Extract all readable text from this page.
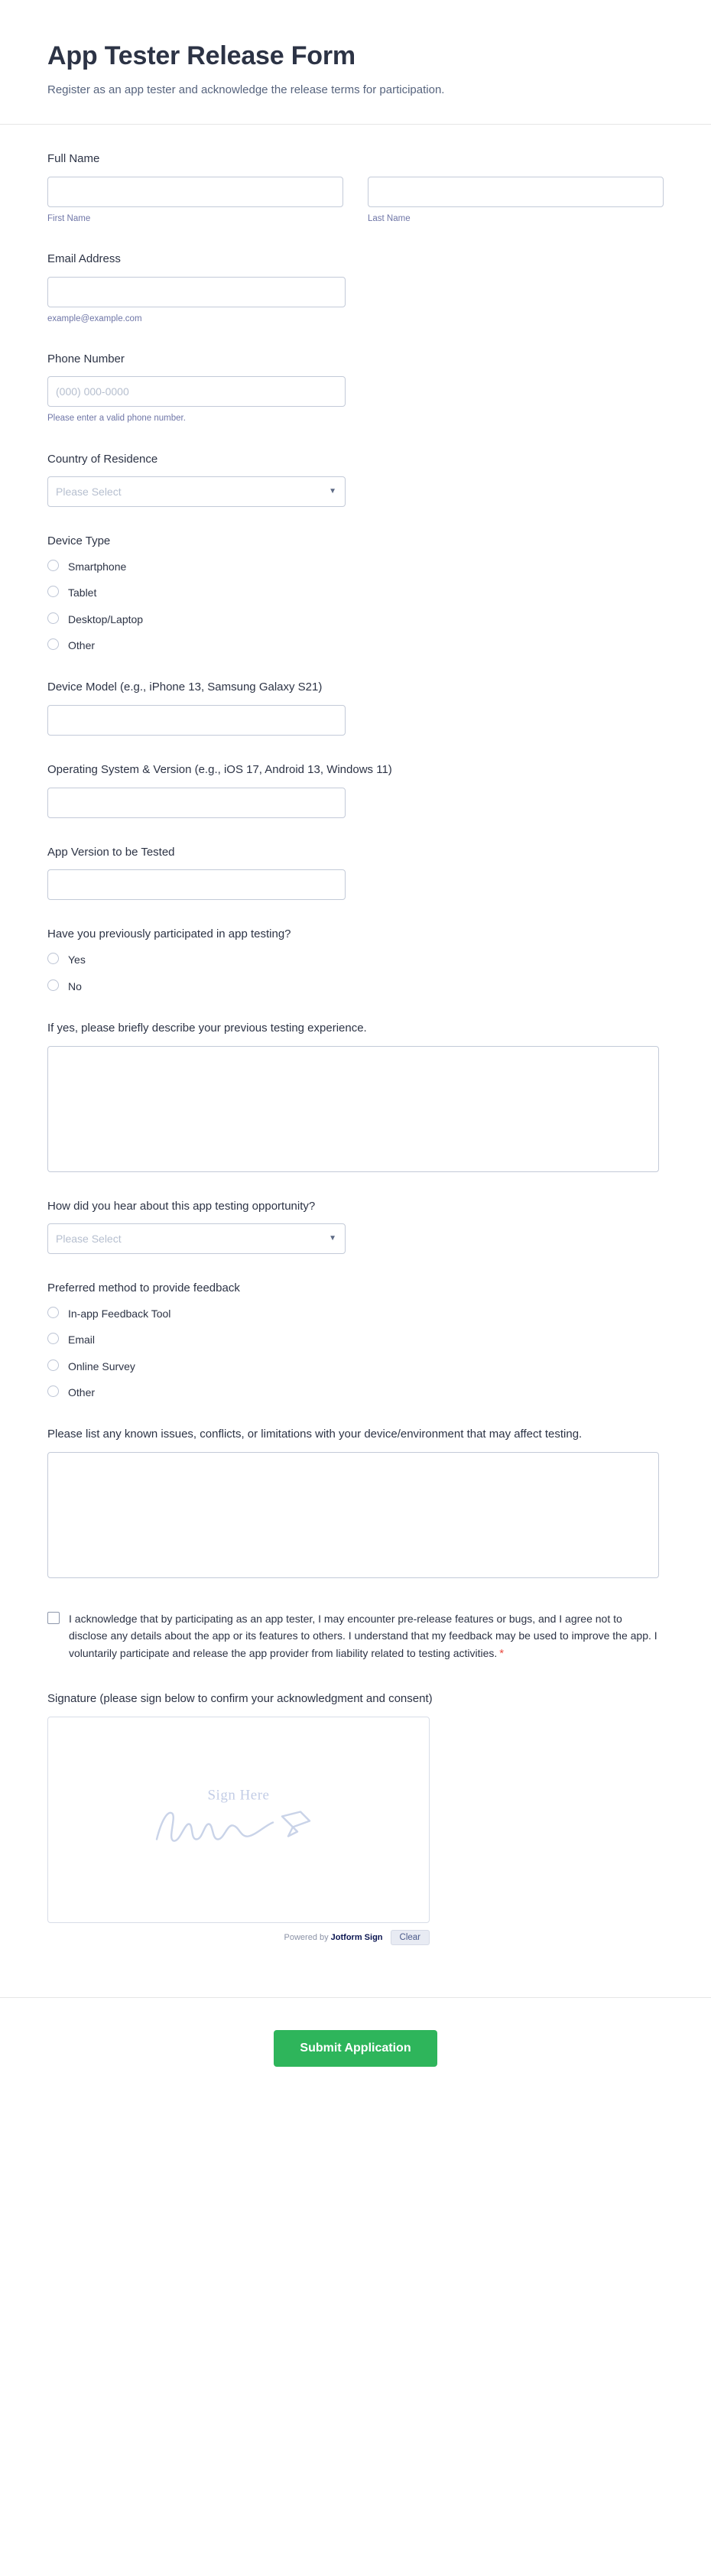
App Tester Release Form

Register as an app tester and acknowledge the release terms for participation.

Full Name
First Name	Last Name
Email Address
example@example.com
Phone Number
(000) 000-0000
Please enter a valid phone number.
Country of Residence
Please Select
▼
Device Type
Smartphone
Tablet
Desktop/Laptop
Other
Device Model (e.g., iPhone 13, Samsung Galaxy S21)
Operating System & Version (e.g., iOS 17, Android 13, Windows 11)
App Version to be Tested
Have you previously participated in app testing?
Yes
No
If yes, please briefly describe your previous testing experience.
How did you hear about this app testing opportunity?
Please Select
▼
Preferred method to provide feedback
In-app Feedback Tool
Email
Online Survey
Other
Please list any known issues, conflicts, or limitations with your device/environment that may affect testing.
I acknowledge that by participating as an app tester, I may encounter pre-release features or bugs, and I agree not to disclose any details about the app or its features to others. I understand that my feedback may be used to improve the app. I voluntarily participate and release the app provider from liability related to testing activities. *
Signature (please sign below to confirm your acknowledgment and consent)
Sign Here
Powered by Jotform Sign	Clear
Submit Application
